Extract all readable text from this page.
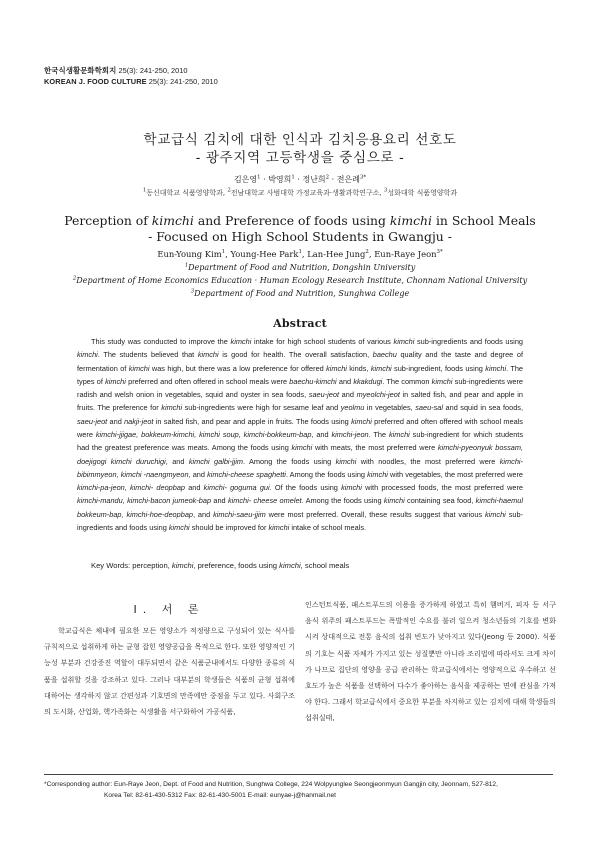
한국식생활문화학회지 25(3): 241-250, 2010
KOREAN J. FOOD CULTURE 25(3): 241-250, 2010
학교급식 김치에 대한 인식과 김치응용요리 선호도
- 광주지역 고등학생을 중심으로 -
김은영$^1$ · 박영희$^1$ · 정난희$^2$ · 전은례$^{3*}$
$^1$동신대학교 식품영양학과, $^2$전남대학교 사범대학 가정교육과·생활과학연구소, $^3$성화대학 식품영양학과
Perception of kimchi and Preference of foods using kimchi in School Meals
- Focused on High School Students in Gwangju -
Eun-Young Kim$^1$, Young-Hee Park$^1$, Lan-Hee Jung$^2$, Eun-Raye Jeon$^{3*}$
$^1$Department of Food and Nutrition, Dongshin University
$^2$Department of Home Economics Education · Human Ecology Research Institute, Chonnam National University
$^3$Department of Food and Nutrition, Sunghwa College
Abstract
This study was conducted to improve the kimchi intake for high school students of various kimchi sub-ingredients and foods using kimchi. The students believed that kimchi is good for health. The overall satisfaction, baechu quality and the taste and degree of fermentation of kimchi was high, but there was a low preference for offered kimchi kinds, kimchi sub-ingredient, foods using kimchi. The types of kimchi preferred and often offered in school meals were baechu-kimchi and kkakdugi. The common kimchi sub-ingredients were radish and welsh onion in vegetables, squid and oyster in sea foods, saeu-jeot and myeolchi-jeot in salted fish, and pear and apple in fruits. The preference for kimchi sub-ingredients were high for sesame leaf and yeolmu in vegetables, saeu-sal and squid in sea foods, saeu-jeot and nakji-jeot in salted fish, and pear and apple in fruits. The foods using kimchi preferred and often offered with school meals were kimchi-jjigae, bokkeum-kimchi, kimchi soup, kimchi-bokkeum-bap, and kimchi-jeon. The kimchi sub-ingredient for which students had the greatest preference was meats. Among the foods using kimchi with meats, the most preferred were kimchi-pyeonyuk bossam, doejigogi kimchi duruchigi, and kimchi galbi-jjim. Among the foods using kimchi with noodles, the most preferred were kimchi- bibimmyeon, kimchi -naengmyeon, and kimchi-cheese spaghetti. Among the foods using kimchi with vegetables, the most preferred were kimchi-pa-jeon, kimchi- deopbap and kimchi- goguma gui. Of the foods using kimchi with processed foods, the most preferred were kimchi-mandu, kimchi-bacon jumeok-bap and kimchi- cheese omelet. Among the foods using kimchi containing sea food, kimchi-haemul bokkeum-bap, kimchi-hoe-deopbap, and kimchi-saeu-jjim were most preferred. Overall, these results suggest that various kimchi sub-ingredients and foods using kimchi should be improved for kimchi intake of school meals.
Key Words: perception, kimchi, preference, foods using kimchi, school meals
I. 서 론

학교급식은 체내에 필요한 모든 영양소가 적정량으로 구성되어 있는 식사를 규칙적으로 섭취하게 하는 균형 잡힌 영양공급을 목적으로 한다. 또한 영양적인 기능성 부분과 건강증진 역할이 대두되면서 같은 식품군내에서도 다양한 종류의 식품을 섭취할 것을 강조하고 있다. 그러나 대부분의 학생들은 식품의 균형 섭취에 대하여는 생각하지 않고 간편성과 기호면의 만족에만 중점을 두고 있다. 사회구조의 도시화, 산업화, 핵가족화는 식생활을 서구화하여 가공식품,

인스턴트식품, 패스트푸드의 이용을 증가하게 하였고 특히 햄버거, 피자 등 서구 음식 위주의 패스트푸드는 폭발적인 수요를 불러 일으켜 청소년들의 기호를 변화시켜 상대적으로 전통 음식의 섭취 빈도가 낮아지고 있다(Jeong 등 2000). 식품의 기호는 식품 자체가 가지고 있는 성질뿐만 아니라 조리법에 따라서도 크게 차이가 나므로 집단의 영양을 공급 관리하는 학교급식에서는 영양적으로 우수하고 선호도가 높은 식품을 선택하여 다수가 좋아하는 음식을 제공하는 면에 관심을 가져야 한다. 그래서 학교급식에서 중요한 부분을 차지하고 있는 김치에 대해 학생들의 섭취실태,

*Corresponding author: Eun-Raye Jeon, Dept. of Food and Nutrition, Sunghwa College, 224 Wolpyunglee Seongjeonmyun Gangjin city, Jeonnam, 527-812,
Korea Tel: 82-61-430-5312 Fax: 82-61-430-5001 E-mail: eunyae-j@hanmail.net
